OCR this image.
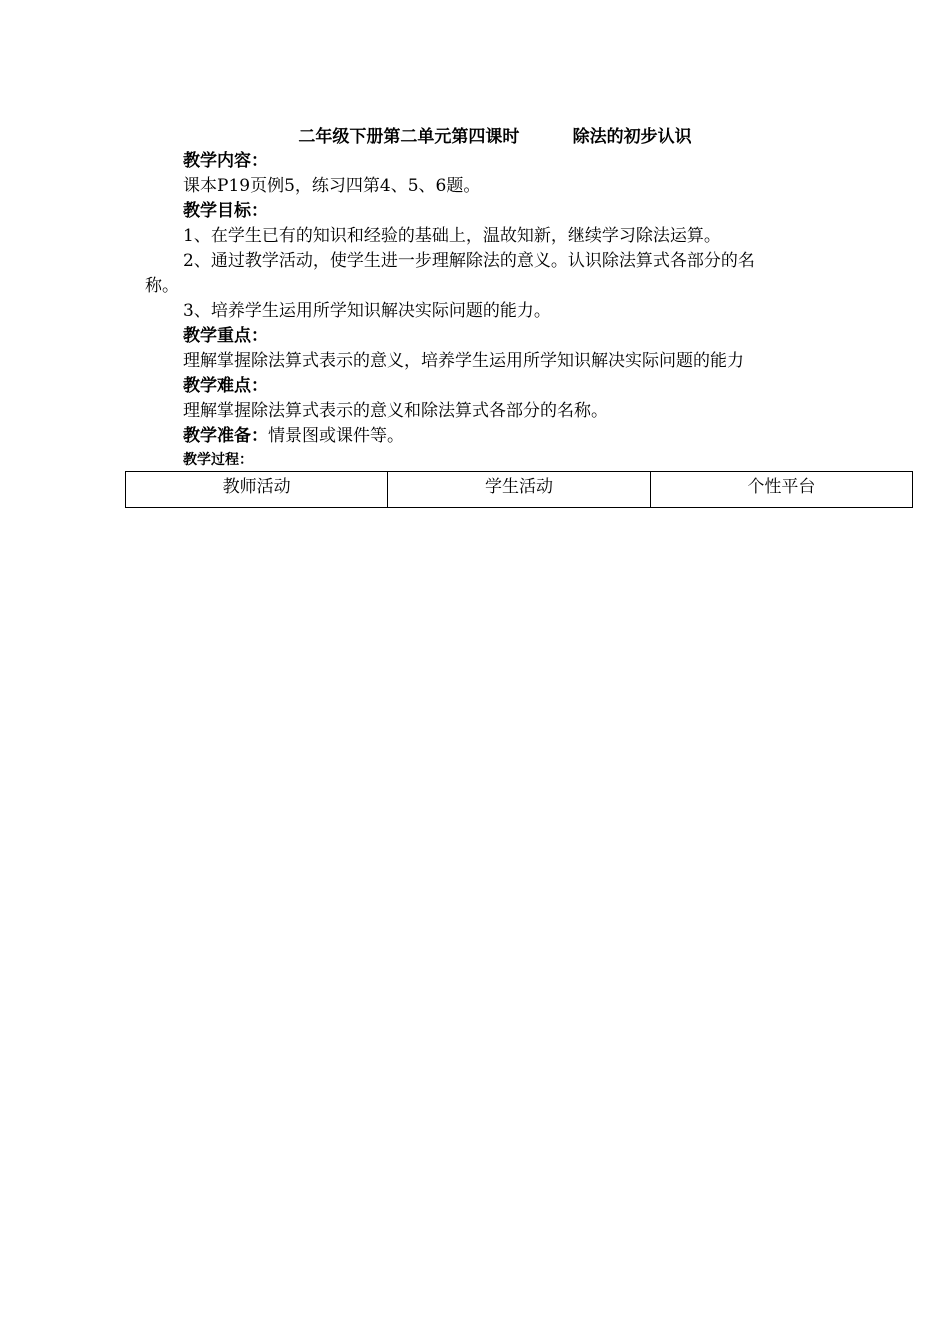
二年级下册第二单元第四课时         除法的初步认识
教学内容：
课本P19页例5，练习四第4、5、6题。
教学目标：
1、在学生已有的知识和经验的基础上，温故知新，继续学习除法运算。
2、通过教学活动，使学生进一步理解除法的意义。认识除法算式各部分的名
称。
3、培养学生运用所学知识解决实际问题的能力。
教学重点：
理解掌握除法算式表示的意义，培养学生运用所学知识解决实际问题的能力
教学难点：
理解掌握除法算式表示的意义和除法算式各部分的名称。
教学准备：情景图或课件等。
教学过程：
教师活动	学生活动	个性平台
